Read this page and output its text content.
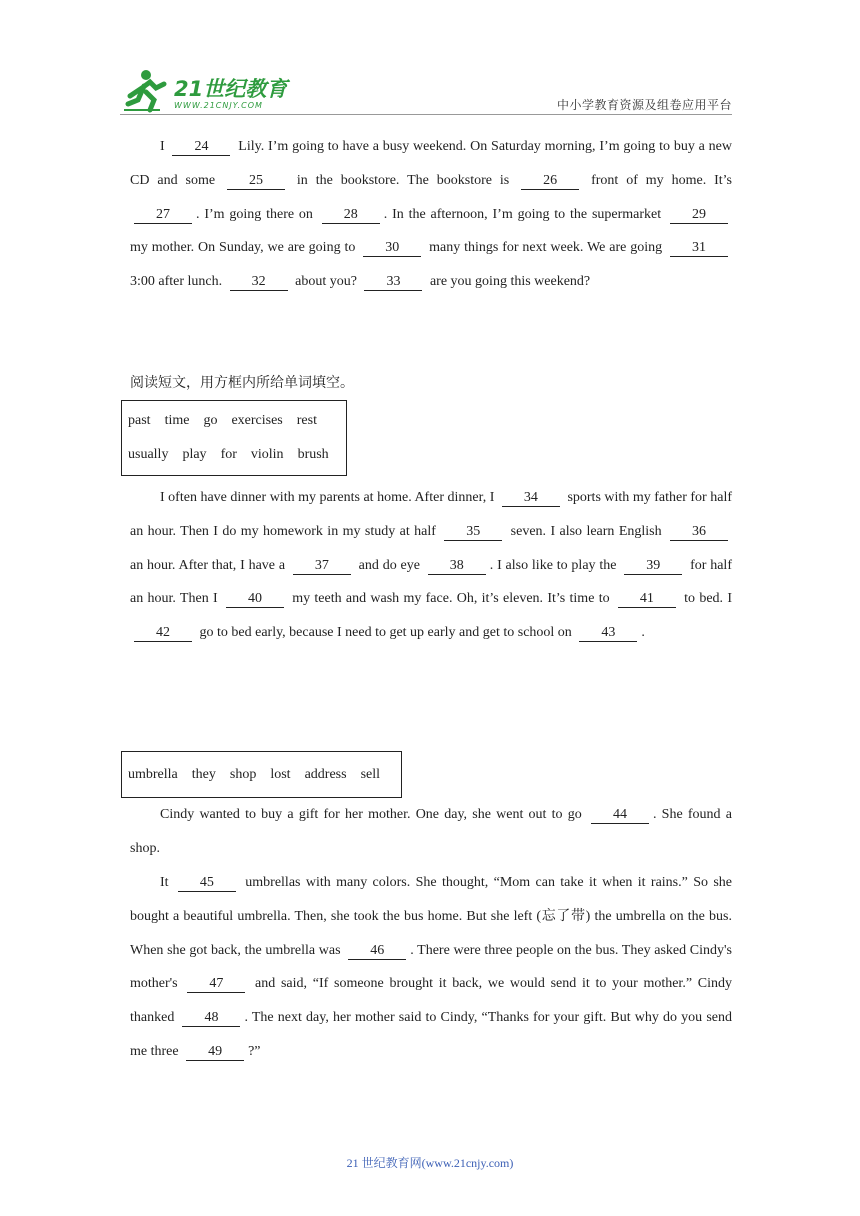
21世纪教育
WWW.21CNJY.COM	中小学教育资源及组卷应用平台

I 24 Lily. I’m going to have a busy weekend. On Saturday morning, I’m going to buy a new CD and some 25 in the bookstore. The bookstore is 26 front of my home. It’s 27 . I’m going there on 28 . In the afternoon, I’m going to the supermarket 29 my mother. On Sunday, we are going to 30 many things for next week. We are going 31 3:00 after lunch. 32 about you? 33 are you going this weekend?

阅读短文，用方框内所给单词填空。
past time go exercises rest
usually play for violin brush

I often have dinner with my parents at home. After dinner, I 34 sports with my father for half an hour. Then I do my homework in my study at half 35 seven. I also learn English 36 an hour. After that, I have a 37 and do eye 38 . I also like to play the 39 for half an hour. Then I 40 my teeth and wash my face. Oh, it’s eleven. It’s time to 41 to bed. I 42 go to bed early, because I need to get up early and get to school on 43 .

umbrella they shop lost address sell

Cindy wanted to buy a gift for her mother. One day, she went out to go 44 . She found a shop.

It 45 umbrellas with many colors. She thought, “Mom can take it when it rains.” So she bought a beautiful umbrella. Then, she took the bus home. But she left (忘了带) the umbrella on the bus. When she got back, the umbrella was 46 . There were three people on the bus. They asked Cindy's mother's 47 and said, “If someone brought it back, we would send it to your mother.” Cindy thanked 48 . The next day, her mother said to Cindy, “Thanks for your gift. But why do you send me three 49 ?”

21 世纪教育网(www.21cnjy.com)
